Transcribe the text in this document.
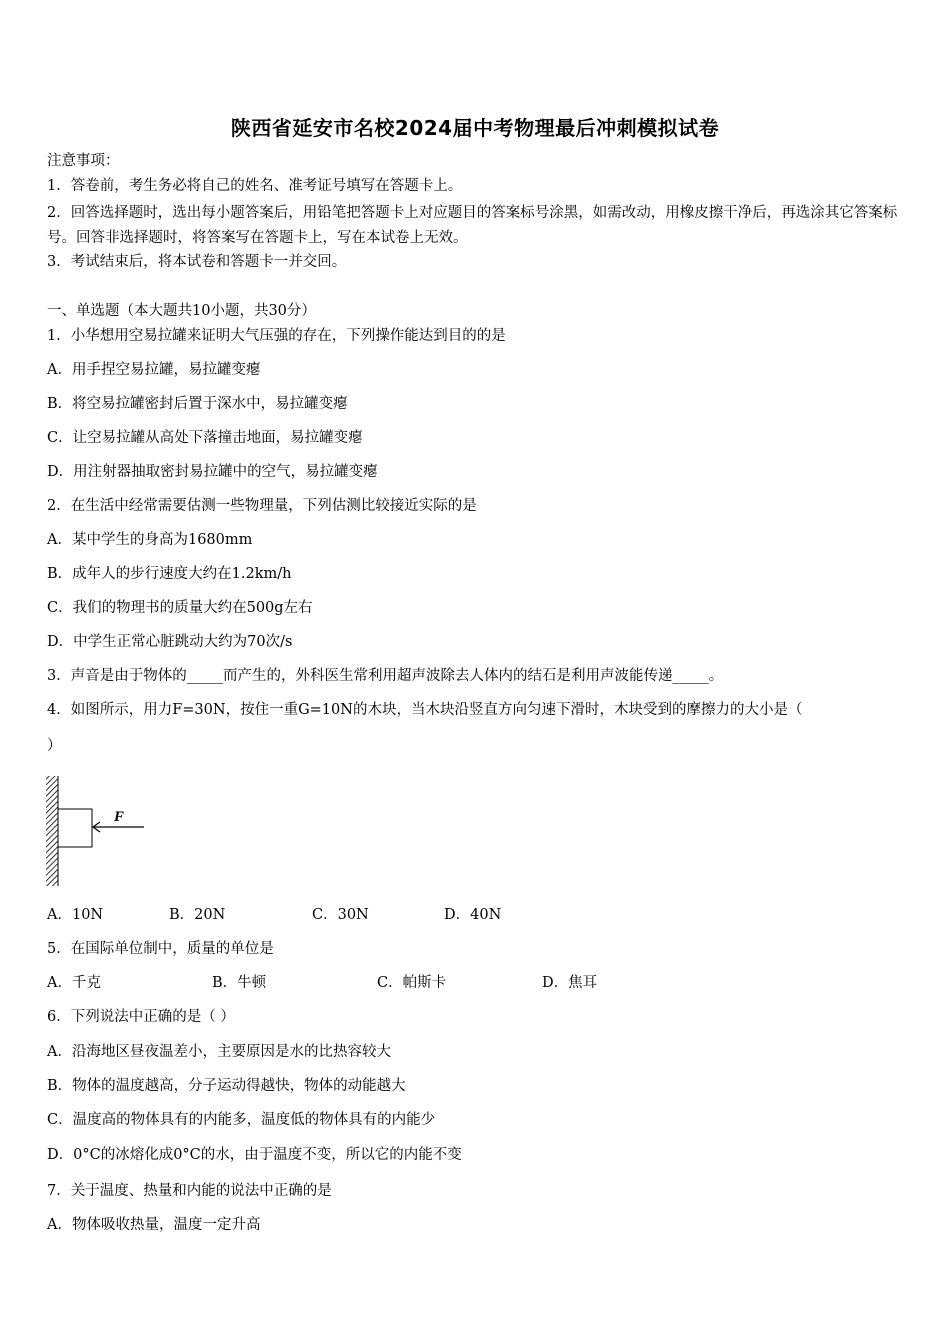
陕西省延安市名校2024届中考物理最后冲刺模拟试卷
注意事项：
1．答卷前，考生务必将自己的姓名、准考证号填写在答题卡上。
2．回答选择题时，选出每小题答案后，用铅笔把答题卡上对应题目的答案标号涂黑，如需改动，用橡皮擦干净后，再选涂其它答案标号。回答非选择题时，将答案写在答题卡上，写在本试卷上无效。
3．考试结束后，将本试卷和答题卡一并交回。
一、单选题（本大题共10小题，共30分）
1．小华想用空易拉罐来证明大气压强的存在，下列操作能达到目的的是
A．用手捏空易拉罐，易拉罐变瘪
B．将空易拉罐密封后置于深水中，易拉罐变瘪
C．让空易拉罐从高处下落撞击地面，易拉罐变瘪
D．用注射器抽取密封易拉罐中的空气，易拉罐变瘪
2．在生活中经常需要估测一些物理量，下列估测比较接近实际的是
A．某中学生的身高为1680mm
B．成年人的步行速度大约在1.2km/h
C．我们的物理书的质量大约在500g左右
D．中学生正常心脏跳动大约为70次/s
3．声音是由于物体的_____而产生的，外科医生常利用超声波除去人体内的结石是利用声波能传递_____。
4．如图所示，用力F=30N，按住一重G=10N的木块，当木块沿竖直方向匀速下滑时，木块受到的摩擦力的大小是（
）
F
A．10N	B．20N	C．30N	D．40N
5．在国际单位制中，质量的单位是
A．千克	B．牛顿	C．帕斯卡	D．焦耳
6．下列说法中正确的是（ ）
A．沿海地区昼夜温差小，主要原因是水的比热容较大
B．物体的温度越高，分子运动得越快，物体的动能越大
C．温度高的物体具有的内能多，温度低的物体具有的内能少
D．0°C的冰熔化成0°C的水，由于温度不变，所以它的内能不变
7．关于温度、热量和内能的说法中正确的是
A．物体吸收热量，温度一定升高
